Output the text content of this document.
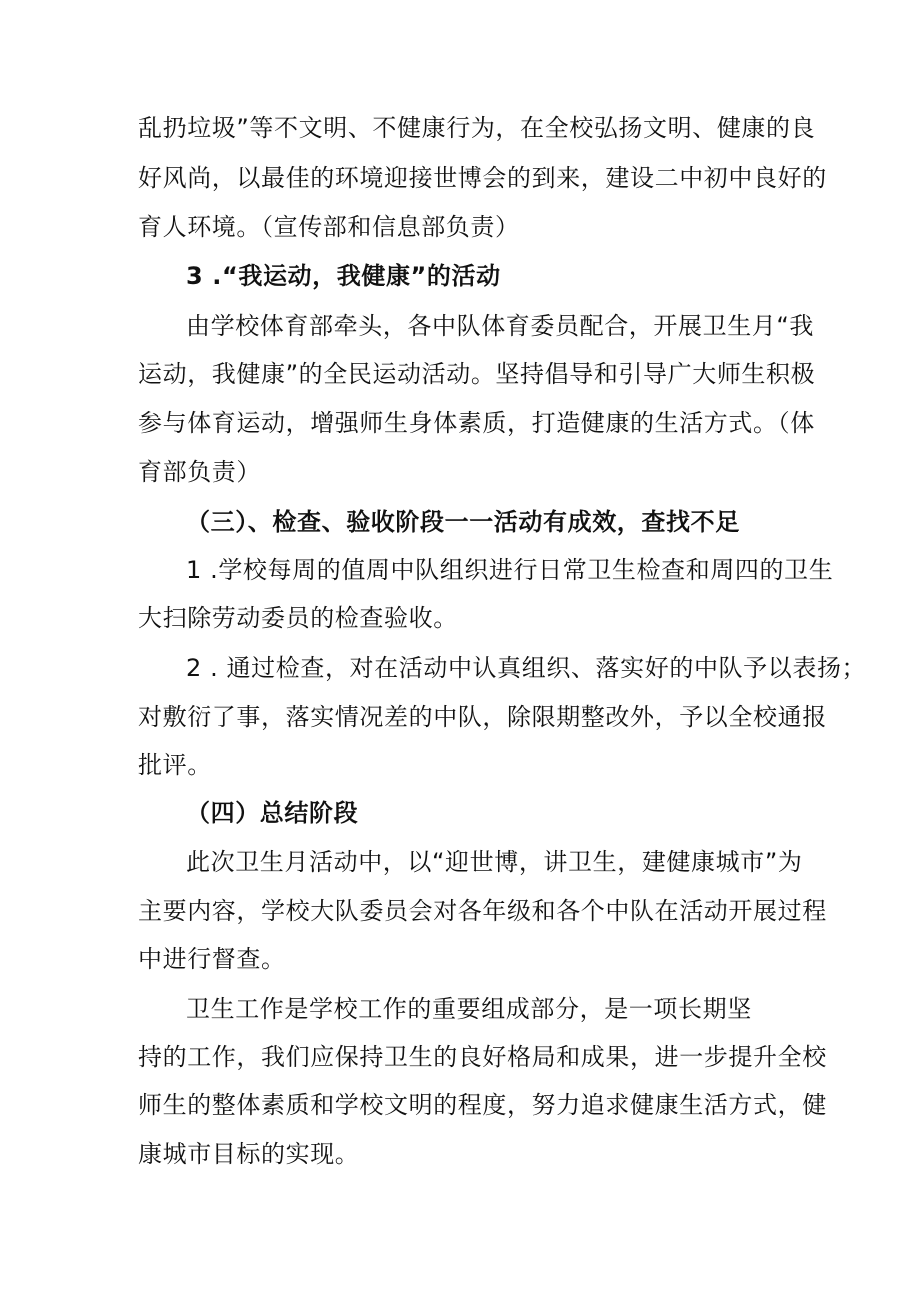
乱扔垃圾”等不文明、不健康行为，在全校弘扬文明、健康的良
好风尚，以最佳的环境迎接世博会的到来，建设二中初中良好的
育人环境。（宣传部和信息部负责）
3 .“我运动，我健康”的活动
由学校体育部牵头，各中队体育委员配合，开展卫生月“我
运动，我健康”的全民运动活动。坚持倡导和引导广大师生积极
参与体育运动，增强师生身体素质，打造健康的生活方式。（体
育部负责）
（三）、检查、验收阶段一一活动有成效，查找不足
1 .学校每周的值周中队组织进行日常卫生检查和周四的卫生
大扫除劳动委员的检查验收。
2 . 通过检查，对在活动中认真组织、落实好的中队予以表扬；
对敷衍了事，落实情况差的中队，除限期整改外，予以全校通报
批评。
（四）总结阶段
此次卫生月活动中，以“迎世博，讲卫生，建健康城市”为
主要内容，学校大队委员会对各年级和各个中队在活动开展过程
中进行督查。
卫生工作是学校工作的重要组成部分，是一项长期坚
持的工作，我们应保持卫生的良好格局和成果，进一步提升全校
师生的整体素质和学校文明的程度，努力追求健康生活方式，健
康城市目标的实现。
